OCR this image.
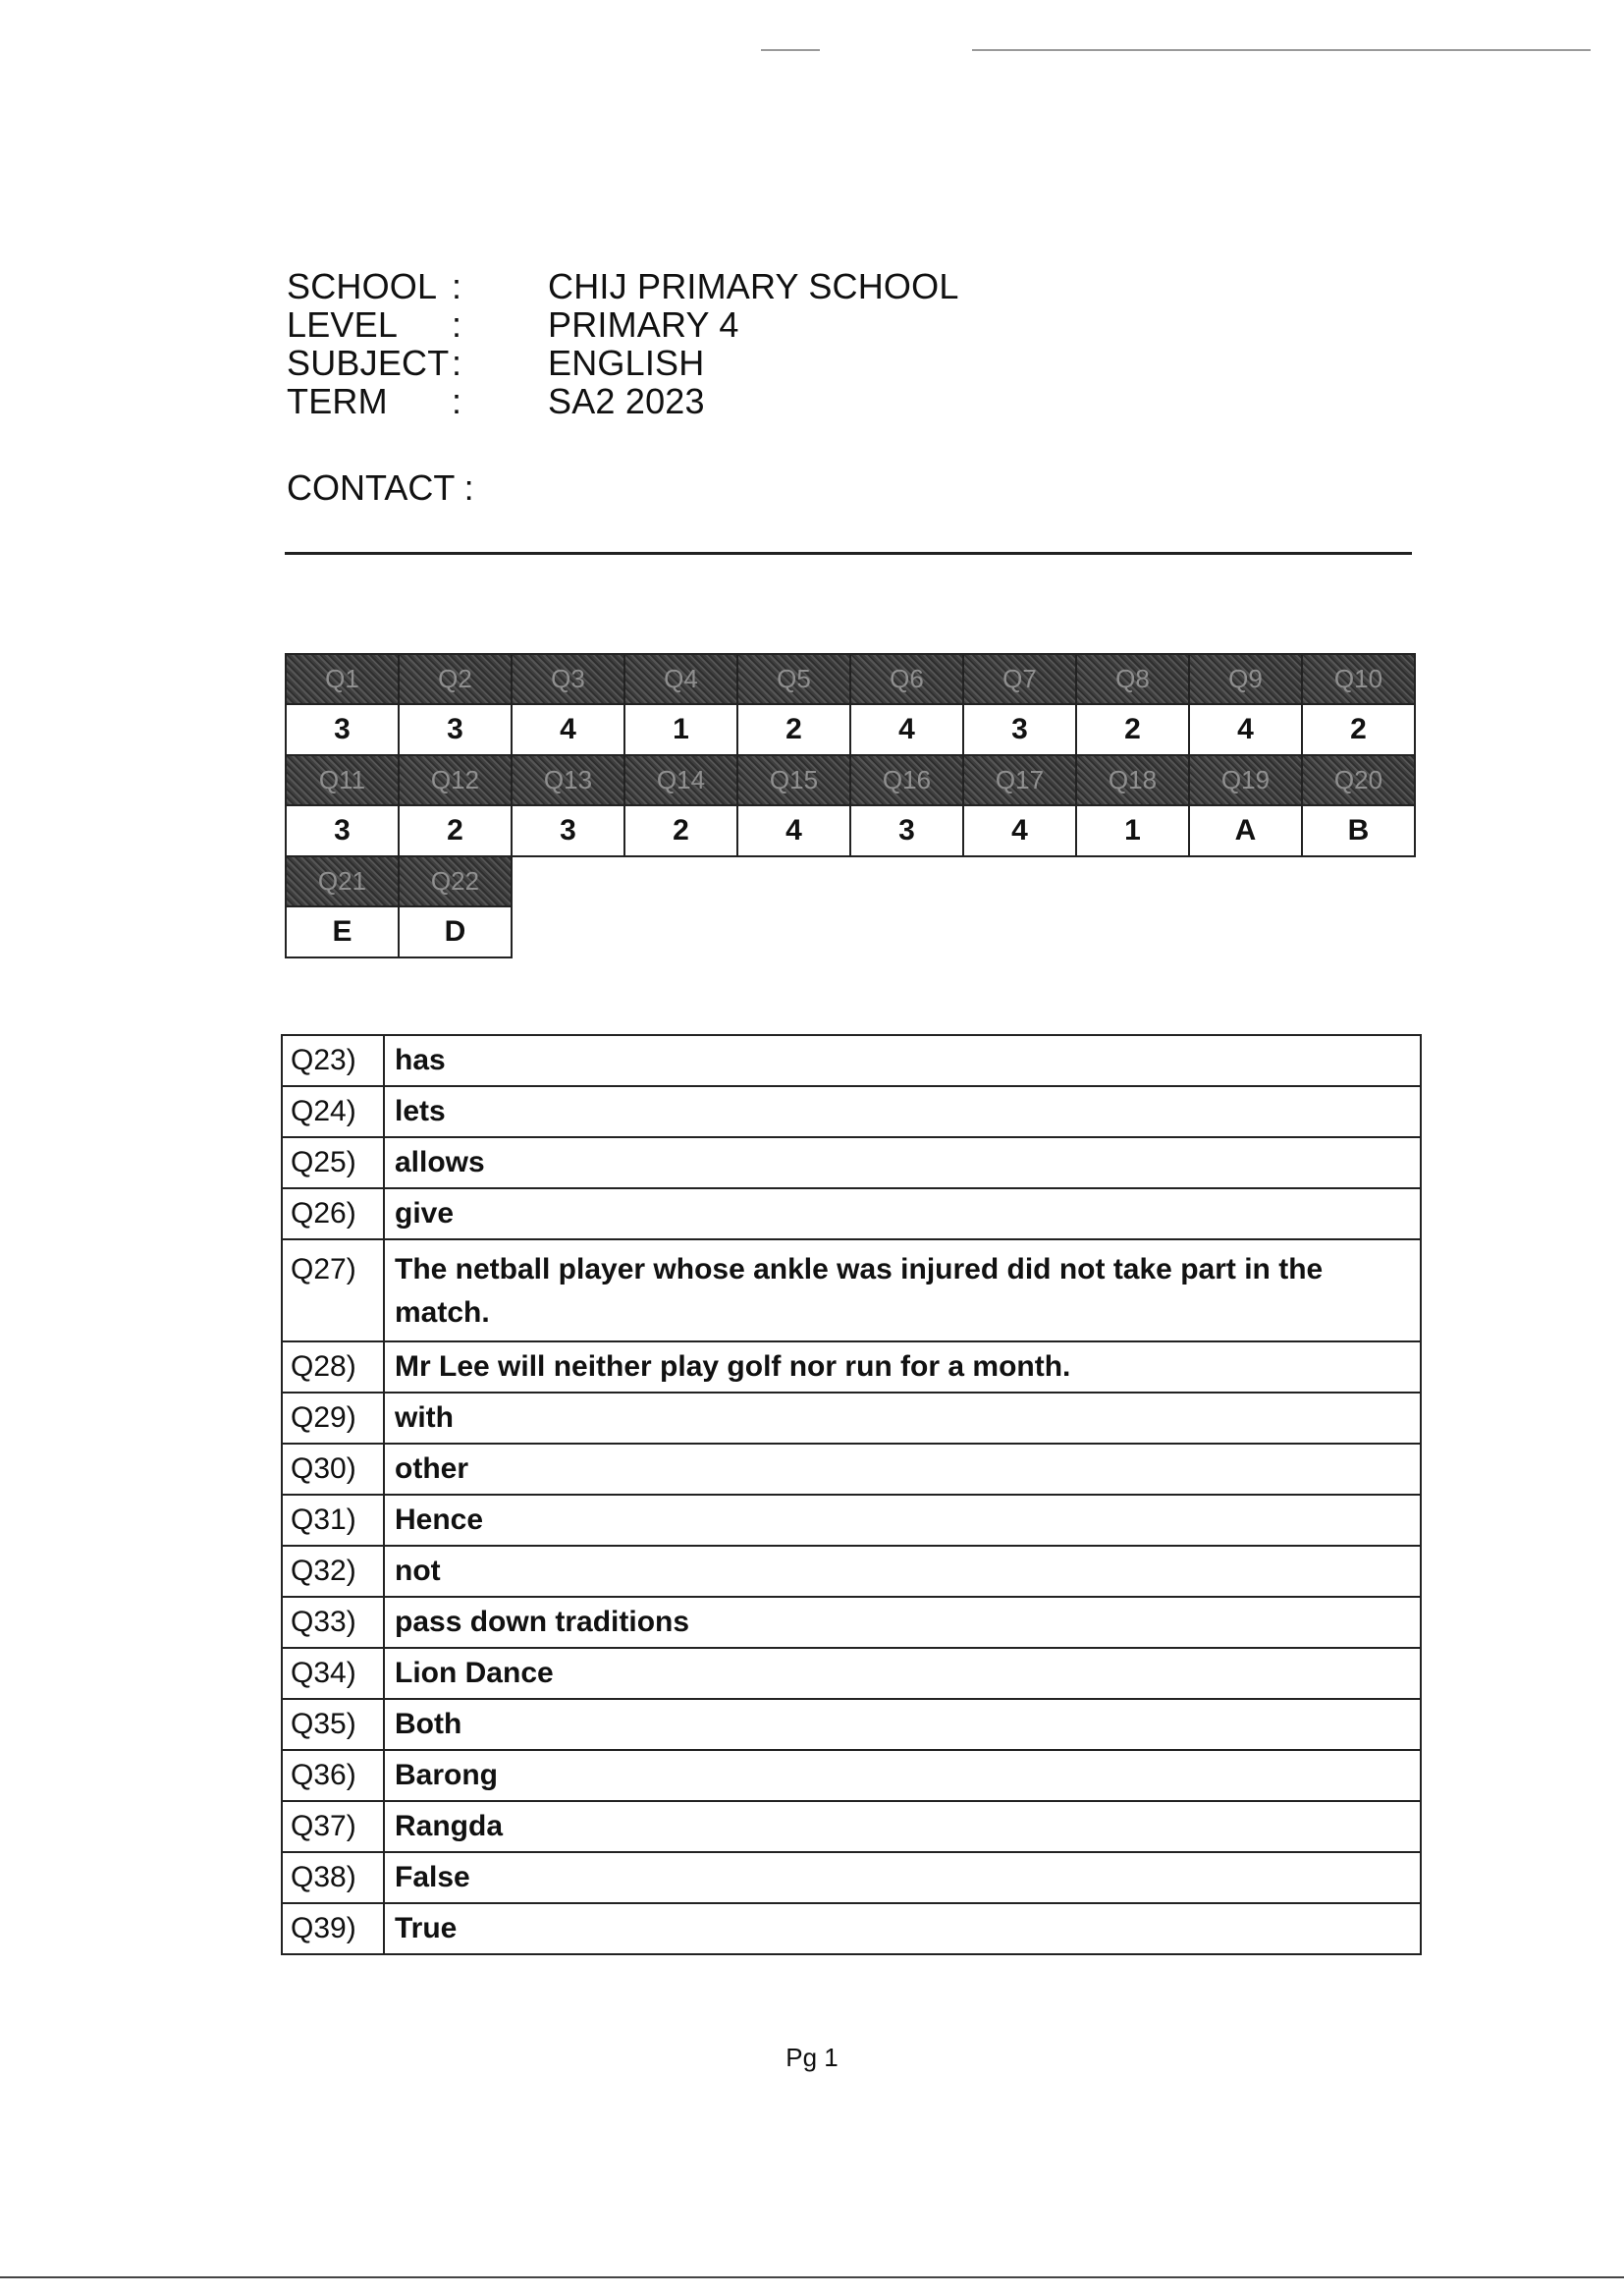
SCHOOL :	CHIJ PRIMARY SCHOOL
LEVEL	:	PRIMARY 4
SUBJECT :	ENGLISH
TERM	:	SA2 2023
CONTACT :
Q1	Q2	Q3	Q4	Q5	Q6	Q7	Q8	Q9	Q10
3	3	4	1	2	4	3	2	4	2
Q11	Q12	Q13	Q14	Q15	Q16	Q17	Q18	Q19	Q20
3	2	3	2	4	3	4	1	A	B
Q21	Q22								
E	D								
Q23)	has
Q24)	lets
Q25)	allows
Q26)	give
Q27)	The netball player whose ankle was injured did not take part in the match.
Q28)	Mr Lee will neither play golf nor run for a month.
Q29)	with
Q30)	other
Q31)	Hence
Q32)	not
Q33)	pass down traditions
Q34)	Lion Dance
Q35)	Both
Q36)	Barong
Q37)	Rangda
Q38)	False
Q39)	True
Pg 1
